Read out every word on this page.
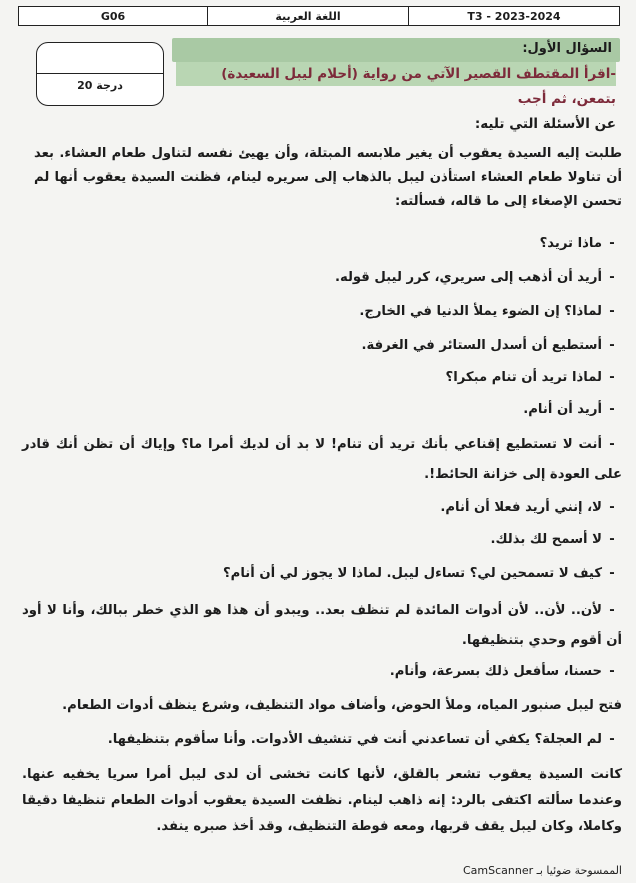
T3 - 2023-2024
اللغة العربية
G06
20 درجة
السؤال الأول:
-اقرأ المقتطف القصير الآتي من رواية (أحلام ليبل السعيدة) بتمعن، ثم أجب
عن الأسئلة التي تليه:
طلبت إليه السيدة يعقوب أن يغير ملابسه المبتلة، وأن يهيئ نفسه لتناول طعام العشاء. بعد أن تناولا طعام العشاء استأذن ليبل بالذهاب إلى سريره لينام، فظنت السيدة يعقوب أنها لم تحسن الإصغاء إلى ما قاله، فسألته:
-ماذا تريد؟
-أريد أن أذهب إلى سريري، كرر ليبل قوله.
-لماذا؟ إن الضوء يملأ الدنيا في الخارج.
-أستطيع أن أسدل الستائر في الغرفة.
-لماذا تريد أن تنام مبكرا؟
-أريد أن أنام.
-أنت لا تستطيع إقناعي بأنك تريد أن تنام! لا بد أن لديك أمرا ما؟ وإياك أن تظن أنك قادر على العودة إلى خزانة الحائط!.
-لا، إنني أريد فعلا أن أنام.
-لا أسمح لك بذلك.
-كيف لا تسمحين لي؟ تساءل ليبل. لماذا لا يجوز لي أن أنام؟
-لأن.. لأن.. لأن أدوات المائدة لم تنظف بعد.. ويبدو أن هذا هو الذي خطر ببالك، وأنا لا أود أن أقوم وحدي بتنظيفها.
-حسنا، سأفعل ذلك بسرعة، وأنام.
فتح ليبل صنبور المياه، وملأ الحوض، وأضاف مواد التنظيف، وشرع ينظف أدوات الطعام.
-لم العجلة؟ يكفي أن تساعدني أنت في تنشيف الأدوات. وأنا سأقوم بتنظيفها.
كانت السيدة يعقوب تشعر بالقلق، لأنها كانت تخشى أن لدى ليبل أمرا سريا يخفيه عنها. وعندما سألته اكتفى بالرد: إنه ذاهب لينام. نظفت السيدة يعقوب أدوات الطعام تنظيفا دقيقا وكاملا، وكان ليبل يقف قربها، ومعه فوطة التنظيف، وقد أخذ صبره ينفد.
الممسوحة ضوئيا بـ CamScanner
